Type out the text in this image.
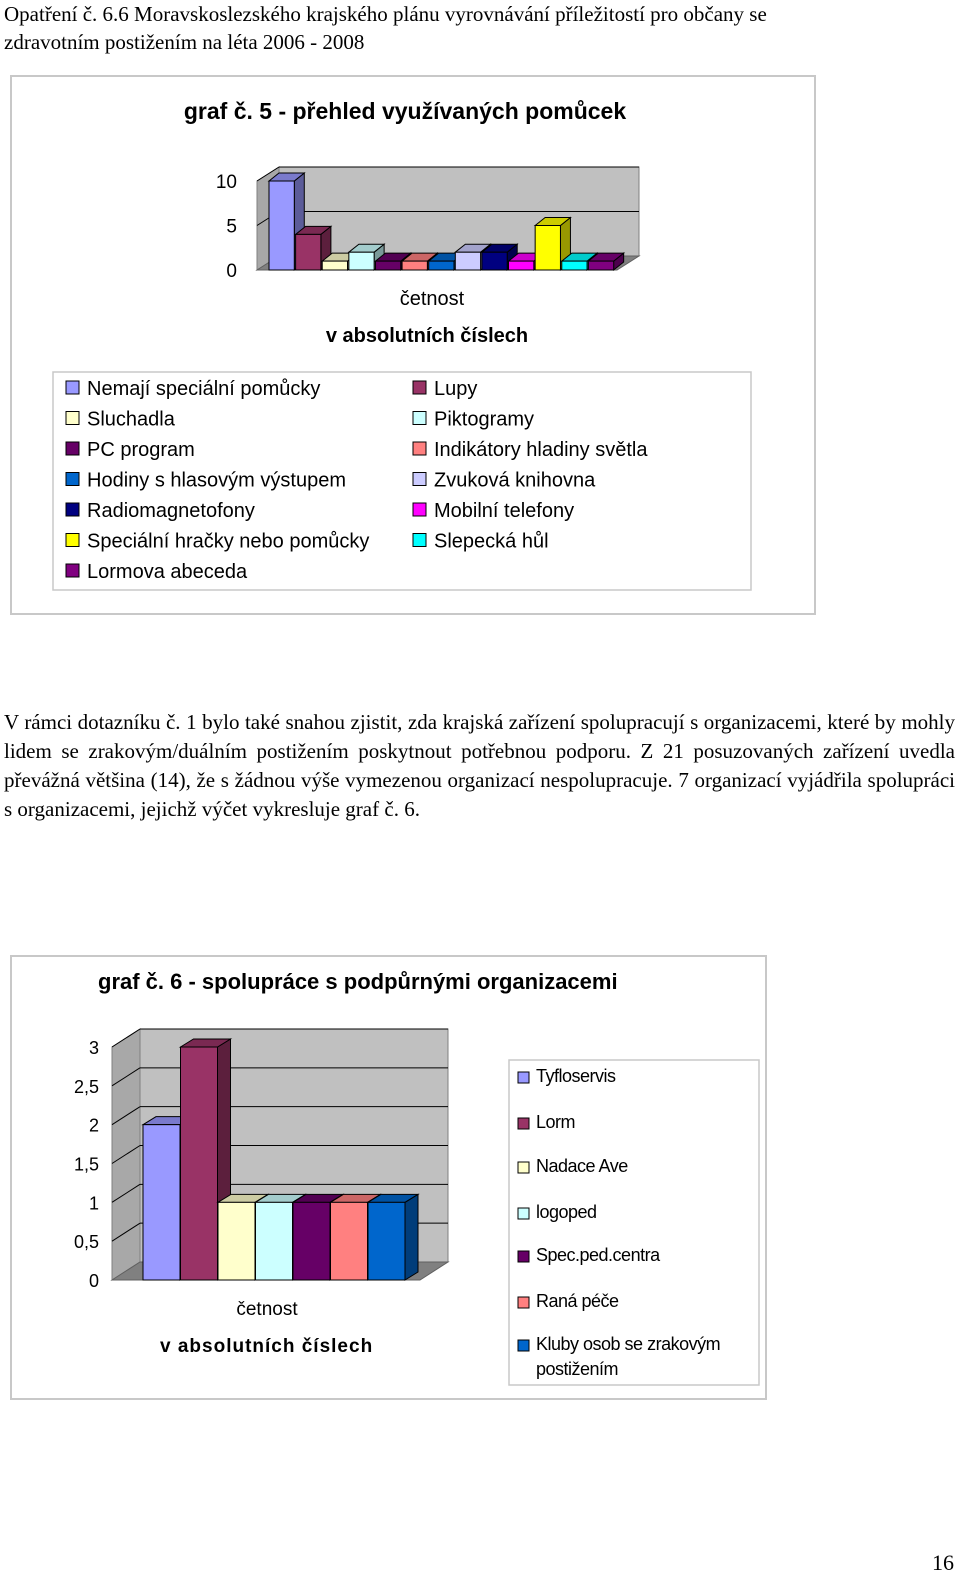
Opatření č. 6.6 Moravskoslezského krajského plánu vyrovnávání příležitostí pro občany se
zdravotním postižením na léta 2006 - 2008
graf č. 5 - přehled využívaných pomůcek
0
5
10
četnost
v absolutních číslech
Nemají speciální pomůcky	Lupy
Sluchadla	Piktogramy
PC program	Indikátory hladiny světla
Hodiny s hlasovým výstupem	Zvuková knihovna
Radiomagnetofony	Mobilní telefony
Speciální hračky nebo pomůcky	Slepecká hůl
Lormova abeceda
V rámci dotazníku č. 1 bylo také snahou zjistit, zda krajská zařízení spolupracují s organizacemi, které by mohly lidem se zrakovým/duálním postižením poskytnout potřebnou podporu. Z 21 posuzovaných zařízení uvedla převážná většina (14), že s žádnou výše vymezenou organizací nespolupracuje. 7 organizací vyjádřila spolupráci s organizacemi, jejichž výčet vykresluje graf č. 6.
graf č. 6 - spolupráce s podpůrnými organizacemi
0
0,5
1
1,5
2
2,5
3
četnost
v absolutních číslech
Tyfloservis
Lorm
Nadace Ave
logoped
Spec.ped.centra
Raná péče
Kluby osob se zrakovým
postižením
16
